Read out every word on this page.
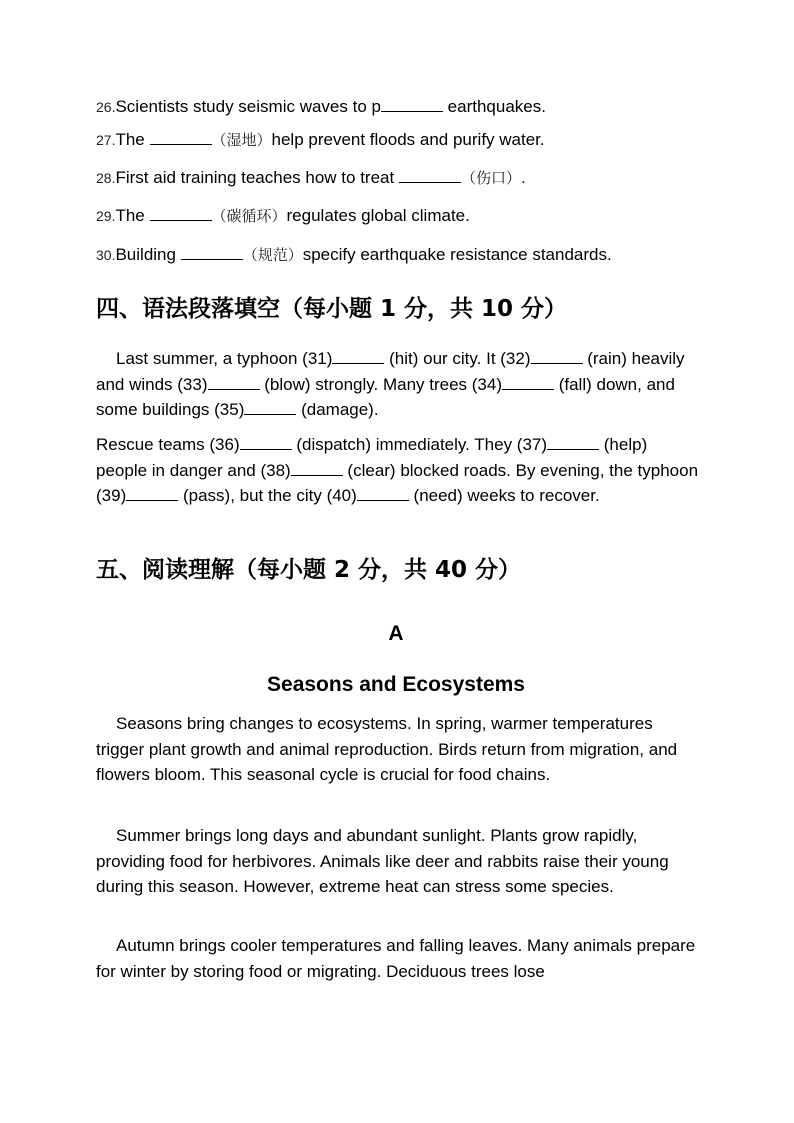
26.Scientists study seismic waves to p	earthquakes.
27.The	（湿地）help prevent floods and purify water.
28.First aid training teaches how to treat	（伤口）.
29.The	（碳循环）regulates global climate.
30.Building	（规范）specify earthquake resistance standards.
四、语法段落填空（每小题 1 分，共 10 分）

Last summer, a typhoon (31)	(hit) our city. It (32)	(rain) heavily and winds (33)	(blow) strongly. Many trees (34)	(fall) down, and some buildings (35)	(damage).

Rescue teams (36)	(dispatch) immediately. They (37)	(help) people in danger and (38)	(clear) blocked roads. By evening, the typhoon (39)	(pass), but the city (40)	(need) weeks to recover.

五、阅读理解（每小题 2 分，共 40 分）
A
Seasons and Ecosystems

Seasons bring changes to ecosystems. In spring, warmer temperatures trigger plant growth and animal reproduction. Birds return from migration, and flowers bloom. This seasonal cycle is crucial for food chains.

Summer brings long days and abundant sunlight. Plants grow rapidly, providing food for herbivores. Animals like deer and rabbits raise their young during this season. However, extreme heat can stress some species.

Autumn brings cooler temperatures and falling leaves. Many animals prepare for winter by storing food or migrating. Deciduous trees lose
